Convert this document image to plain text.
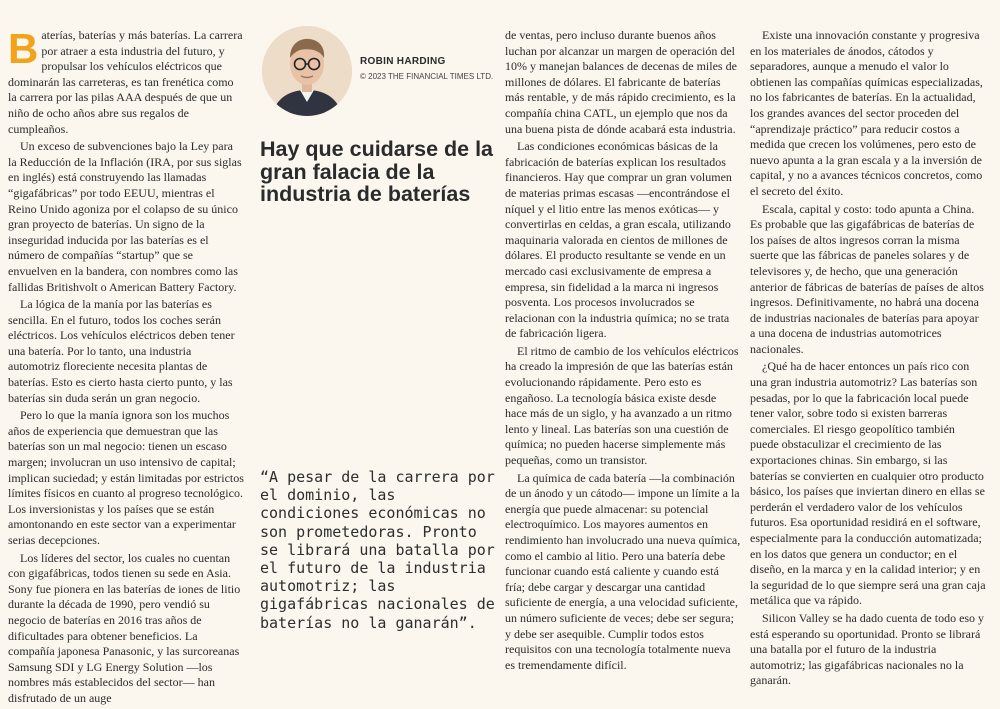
Baterías, baterías y más baterías. La carrera por atraer a esta industria del futuro, y propulsar los vehículos eléctricos que dominarán las carreteras, es tan frenética como la carrera por las pilas AAA después de que un niño de ocho años abre sus regalos de cumpleaños.

Un exceso de subvenciones bajo la Ley para la Reducción de la Inflación (IRA, por sus siglas en inglés) está construyendo las llamadas “gigafábricas” por todo EEUU, mientras el Reino Unido agoniza por el colapso de su único gran proyecto de baterías. Un signo de la inseguridad inducida por las baterías es el número de compañías “startup” que se envuelven en la bandera, con nombres como las fallidas Britishvolt o American Battery Factory.

La lógica de la manía por las baterías es sencilla. En el futuro, todos los coches serán eléctricos. Los vehículos eléctricos deben tener una batería. Por lo tanto, una industria automotriz floreciente necesita plantas de baterías. Esto es cierto hasta cierto punto, y las baterías sin duda serán un gran negocio.

Pero lo que la manía ignora son los muchos años de experiencia que demuestran que las baterías son un mal negocio: tienen un escaso margen; involucran un uso intensivo de capital; implican suciedad; y están limitadas por estrictos límites físicos en cuanto al progreso tecnológico. Los inversionistas y los países que se están amontonando en este sector van a experimentar serias decepciones.

Los líderes del sector, los cuales no cuentan con gigafábricas, todos tienen su sede en Asia. Sony fue pionera en las baterías de iones de litio durante la década de 1990, pero vendió su negocio de baterías en 2016 tras años de dificultades para obtener beneficios. La compañía japonesa Panasonic, y las surcoreanas Samsung SDI y LG Energy Solution —los nombres más establecidos del sector— han disfrutado de un auge

ROBIN HARDING
© 2023 THE FINANCIAL TIMES LTD.
Hay que cuidarse de la gran falacia de la industria de baterías

“A pesar de la carrera por el dominio, las condiciones económicas no son prometedoras. Pronto se librará una batalla por el futuro de la industria automotriz; las gigafábricas nacionales de baterías no la ganarán”.

de ventas, pero incluso durante buenos años luchan por alcanzar un margen de operación del 10% y manejan balances de decenas de miles de millones de dólares. El fabricante de baterías más rentable, y de más rápido crecimiento, es la compañía china CATL, un ejemplo que nos da una buena pista de dónde acabará esta industria.

Las condiciones económicas básicas de la fabricación de baterías explican los resultados financieros. Hay que comprar un gran volumen de materias primas escasas —encontrándose el níquel y el litio entre las menos exóticas— y convertirlas en celdas, a gran escala, utilizando maquinaria valorada en cientos de millones de dólares. El producto resultante se vende en un mercado casi exclusivamente de empresa a empresa, sin fidelidad a la marca ni ingresos posventa. Los procesos involucrados se relacionan con la industria química; no se trata de fabricación ligera.

El ritmo de cambio de los vehículos eléctricos ha creado la impresión de que las baterías están evolucionando rápidamente. Pero esto es engañoso. La tecnología básica existe desde hace más de un siglo, y ha avanzado a un ritmo lento y lineal. Las baterías son una cuestión de química; no pueden hacerse simplemente más pequeñas, como un transistor.

La química de cada batería —la combinación de un ánodo y un cátodo— impone un límite a la energía que puede almacenar: su potencial electroquímico. Los mayores aumentos en rendimiento han involucrado una nueva química, como el cambio al litio. Pero una batería debe funcionar cuando está caliente y cuando está fría; debe cargar y descargar una cantidad suficiente de energía, a una velocidad suficiente, un número suficiente de veces; debe ser segura; y debe ser asequible. Cumplir todos estos requisitos con una tecnología totalmente nueva es tremendamente difícil.

Existe una innovación constante y progresiva en los materiales de ánodos, cátodos y separadores, aunque a menudo el valor lo obtienen las compañías químicas especializadas, no los fabricantes de baterías. En la actualidad, los grandes avances del sector proceden del “aprendizaje práctico” para reducir costos a medida que crecen los volúmenes, pero esto de nuevo apunta a la gran escala y a la inversión de capital, y no a avances técnicos concretos, como el secreto del éxito.

Escala, capital y costo: todo apunta a China. Es probable que las gigafábricas de baterías de los países de altos ingresos corran la misma suerte que las fábricas de paneles solares y de televisores y, de hecho, que una generación anterior de fábricas de baterías de países de altos ingresos. Definitivamente, no habrá una docena de industrias nacionales de baterías para apoyar a una docena de industrias automotrices nacionales.

¿Qué ha de hacer entonces un país rico con una gran industria automotriz? Las baterías son pesadas, por lo que la fabricación local puede tener valor, sobre todo si existen barreras comerciales. El riesgo geopolítico también puede obstaculizar el crecimiento de las exportaciones chinas. Sin embargo, si las baterías se convierten en cualquier otro producto básico, los países que inviertan dinero en ellas se perderán el verdadero valor de los vehículos futuros. Esa oportunidad residirá en el software, especialmente para la conducción automatizada; en los datos que genera un conductor; en el diseño, en la marca y en la calidad interior; y en la seguridad de lo que siempre será una gran caja metálica que va rápido.

Silicon Valley se ha dado cuenta de todo eso y está esperando su oportunidad. Pronto se librará una batalla por el futuro de la industria automotriz; las gigafábricas nacionales no la ganarán.
